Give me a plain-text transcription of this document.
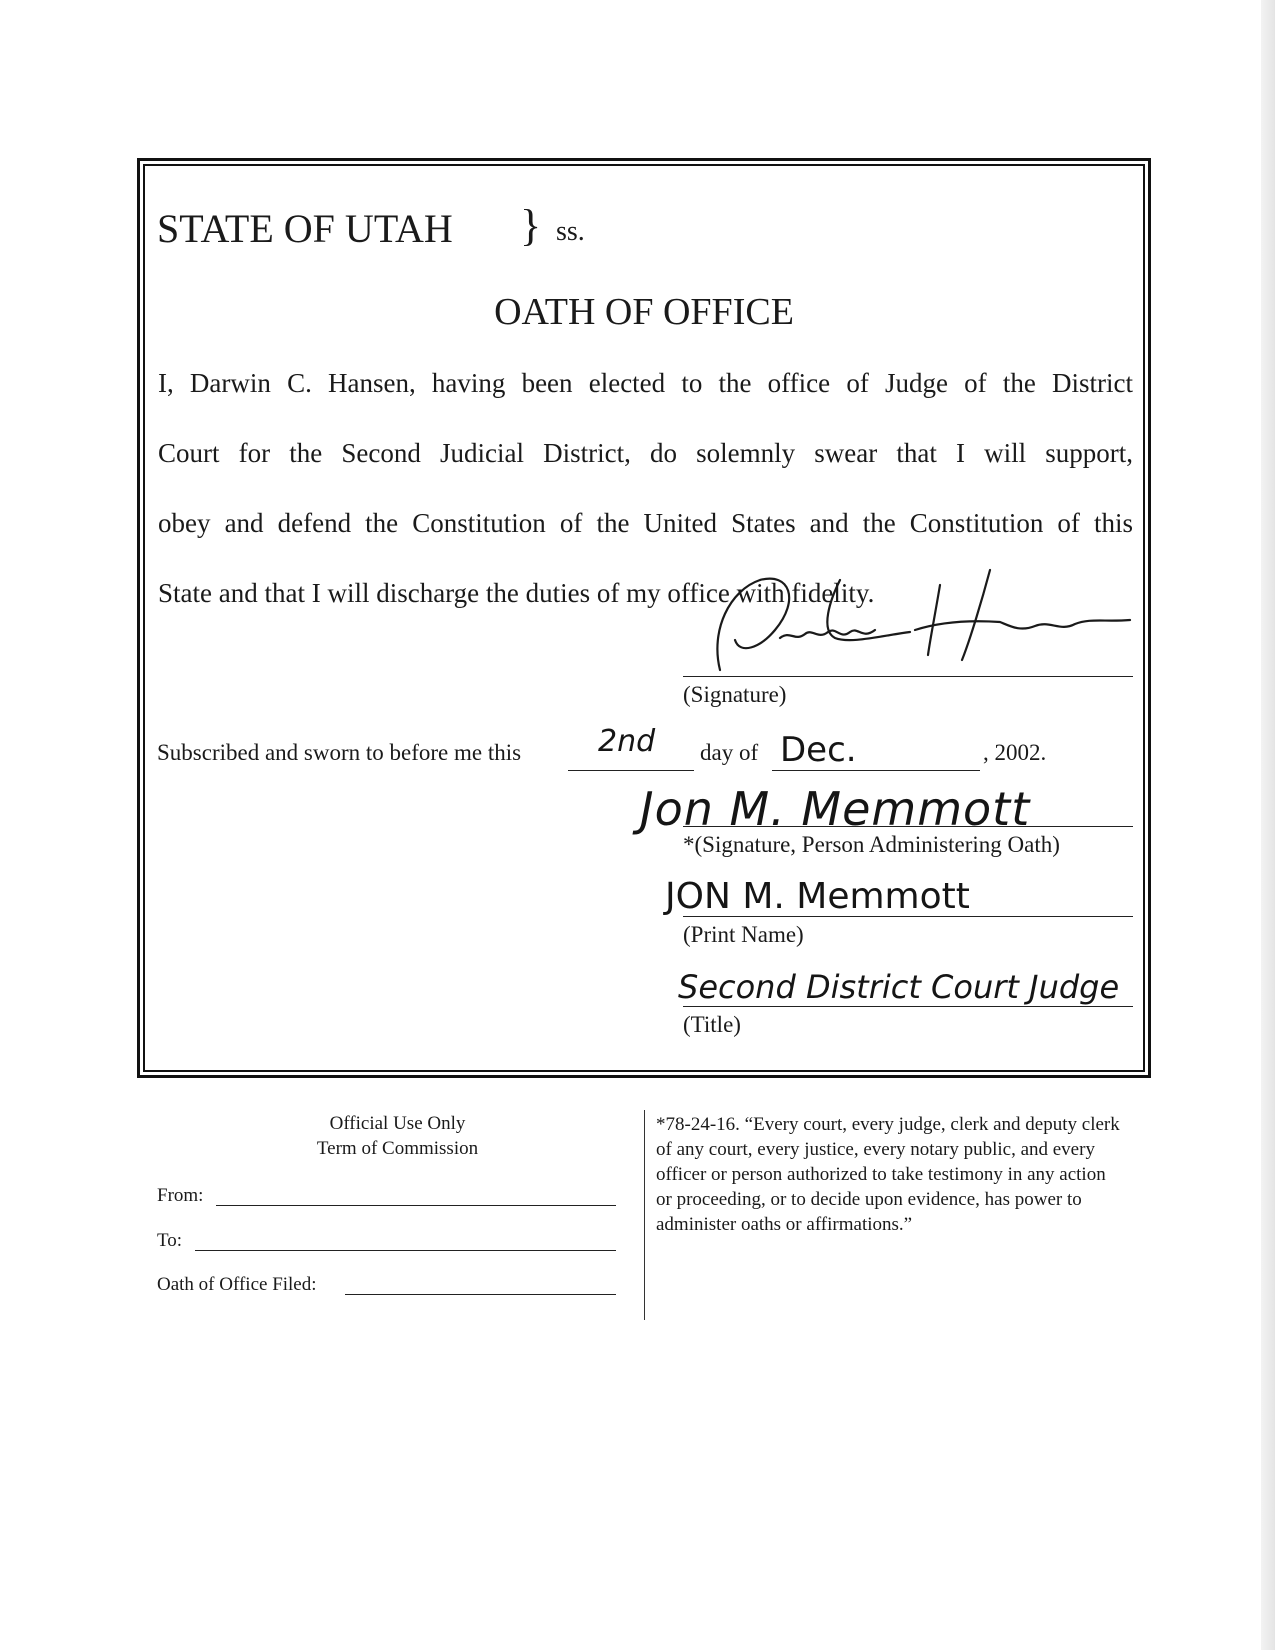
STATE OF UTAH } ss.
OATH OF OFFICE
I, Darwin C. Hansen, having been elected to the office of Judge of the District
Court for the Second Judicial District, do solemnly swear that I will support,
obey and defend the Constitution of the United States and the Constitution of this
State and that I will discharge the duties of my office with fidelity.
(Signature)
Subscribed and sworn to before me this	2nd day of Dec.	, 2002.
Jon M. Memmott
*(Signature, Person Administering Oath)
JON M. Memmott
(Print Name)
Second District Court Judge
(Title)
Official Use Only
Term of Commission
From:
To:
Oath of Office Filed:
*78-24-16. “Every court, every judge, clerk and deputy clerk of any court, every justice, every notary public, and every officer or person authorized to take testimony in any action or proceeding, or to decide upon evidence, has power to administer oaths or affirmations.”
